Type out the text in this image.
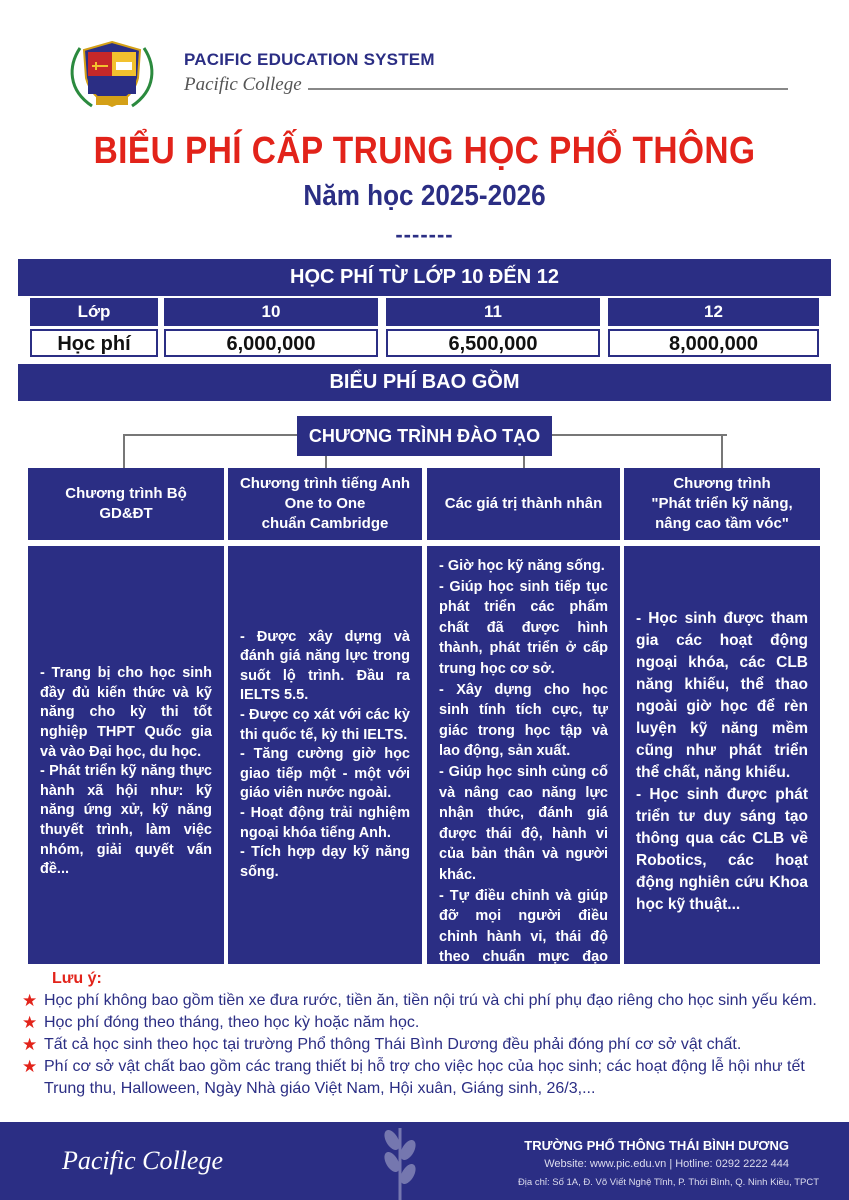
PACIFIC EDUCATION SYSTEM
Pacific College
BIỂU PHÍ CẤP TRUNG HỌC PHỔ THÔNG
Năm học 2025-2026
-------
HỌC PHÍ TỪ LỚP 10 ĐẾN 12
Lớp
Học phí
10
6,000,000
11
6,500,000
12
8,000,000
BIỂU PHÍ BAO GỒM
CHƯƠNG TRÌNH ĐÀO TẠO
Chương trình Bộ
GD&ĐT
Chương trình tiếng Anh
One to One
chuẩn Cambridge
Các giá trị thành nhân
Chương trình
"Phát triển kỹ năng,
nâng cao tầm vóc"
- Trang bị cho học sinh đầy đủ kiến thức và kỹ năng cho kỳ thi tốt nghiệp THPT Quốc gia và vào Đại học, du học.
- Phát triển kỹ năng thực hành xã hội như: kỹ năng ứng xử, kỹ năng thuyết trình, làm việc nhóm, giải quyết vấn đề...
- Được xây dựng và đánh giá năng lực trong suốt lộ trình. Đầu ra IELTS 5.5.
- Được cọ xát với các kỳ thi quốc tế, kỳ thi IELTS.
- Tăng cường giờ học giao tiếp một - một với giáo viên nước ngoài.
- Hoạt động trải nghiệm ngoại khóa tiếng Anh.
- Tích hợp dạy kỹ năng sống.
- Giờ học kỹ năng sống.
- Giúp học sinh tiếp tục phát triển các phẩm chất đã được hình thành, phát triển ở cấp trung học cơ sở.
- Xây dựng cho học sinh tính tích cực, tự giác trong học tập và lao động, sản xuất.
- Giúp học sinh củng cố và nâng cao năng lực nhận thức, đánh giá được thái độ, hành vi của bản thân và người khác.
- Tự điều chỉnh và giúp đỡ mọi người điều chỉnh hành vi, thái độ theo chuẩn mực đạo đức, pháp luật.
- Học sinh được tham gia các hoạt động ngoại khóa, các CLB năng khiếu, thể thao ngoài giờ học để rèn luyện kỹ năng mềm cũng như phát triển thể chất, năng khiếu.
- Học sinh được phát triển tư duy sáng tạo thông qua các CLB về Robotics, các hoạt động nghiên cứu Khoa học kỹ thuật...
Lưu ý:
★ Học phí không bao gồm tiền xe đưa rước, tiền ăn, tiền nội trú và chi phí phụ đạo riêng cho học sinh yếu kém.
★ Học phí đóng theo tháng, theo học kỳ hoặc năm học.
★ Tất cả học sinh theo học tại trường Phổ thông Thái Bình Dương đều phải đóng phí cơ sở vật chất.
★ Phí cơ sở vật chất bao gồm các trang thiết bị hỗ trợ cho việc học của học sinh; các hoạt động lễ hội như tết Trung thu, Halloween, Ngày Nhà giáo Việt Nam, Hội xuân, Giáng sinh, 26/3,...
Pacific College
TRƯỜNG PHỔ THÔNG THÁI BÌNH DƯƠNG
Website: www.pic.edu.vn | Hotline: 0292 2222 444
Địa chỉ: Số 1A, Đ. Võ Viết Nghệ Tĩnh, P. Thới Bình, Q. Ninh Kiều, TPCT
